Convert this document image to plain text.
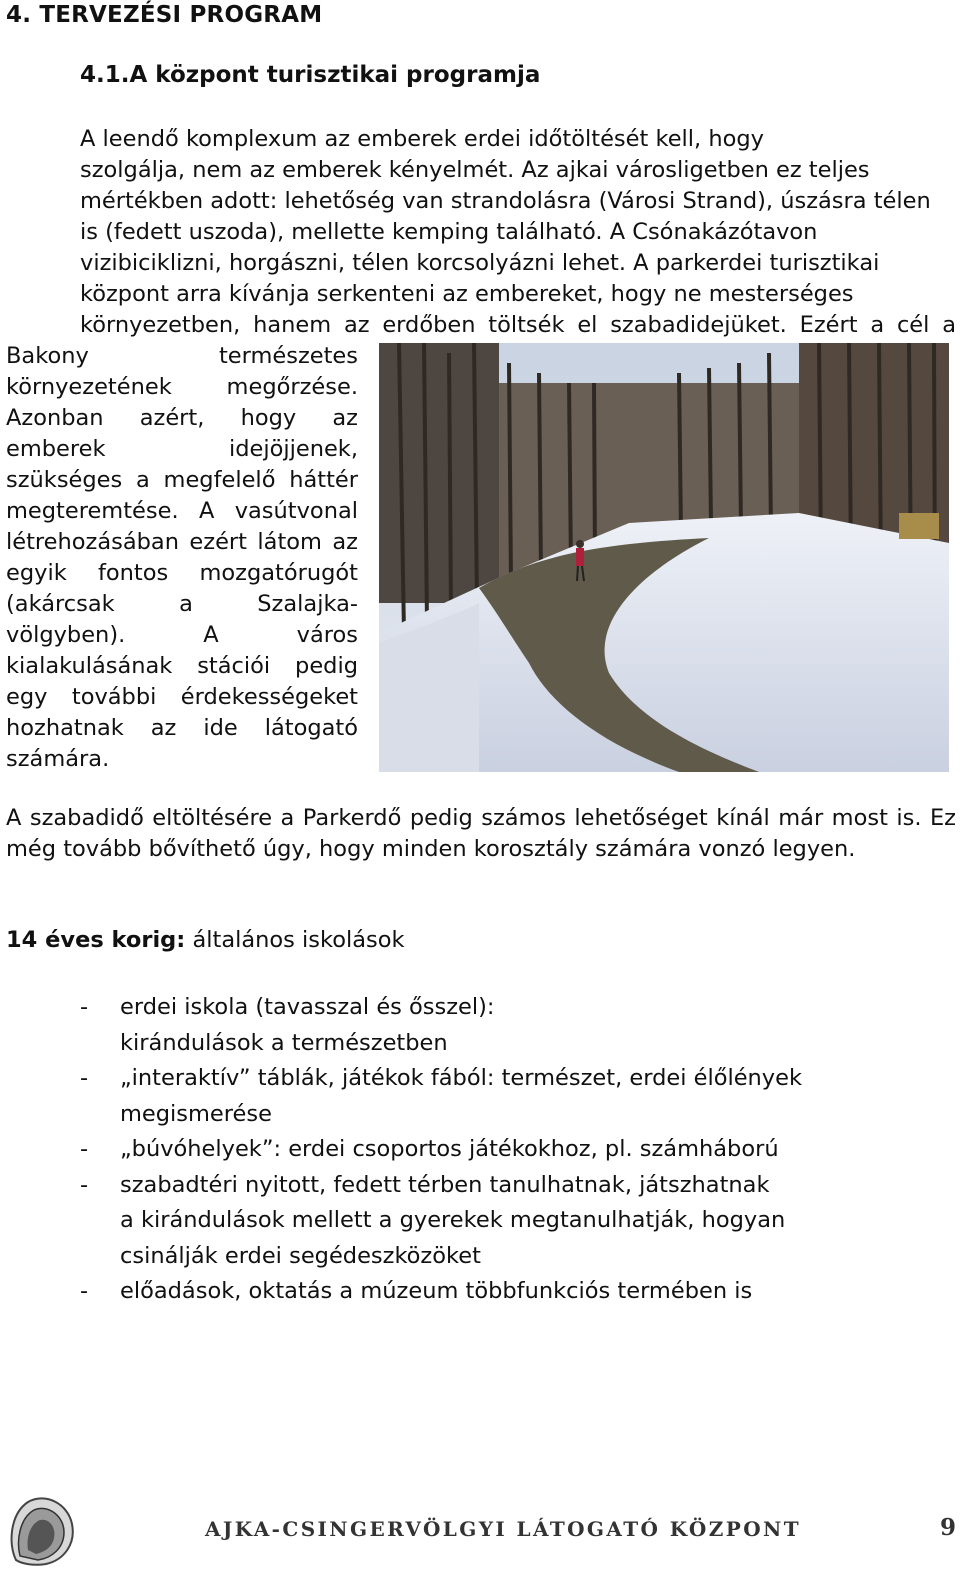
4. TERVEZÉSI PROGRAM
4.1.A központ turisztikai programja
A leendő komplexum az emberek erdei időtöltését kell, hogy
szolgálja, nem az emberek kényelmét. Az ajkai városligetben ez teljes
mértékben adott: lehetőség van strandolásra (Városi Strand), úszásra télen
is (fedett uszoda), mellette kemping található. A Csónakázótavon
vizibiciklizni, horgászni, télen korcsolyázni lehet. A parkerdei turisztikai
központ arra kívánja serkenteni az embereket, hogy ne mesterséges
környezetben, hanem az erdőben töltsék el szabadidejüket. Ezért a cél a
Bakony természetes környezetének megőrzése. Azonban azért, hogy az emberek idejöjjenek, szükséges a megfelelő háttér megteremtése. A vasútvonal létrehozásában ezért látom az egyik fontos mozgatórugót (akárcsak a Szalajka-völgyben). A város kialakulásának stációi pedig egy további érdekességeket hozhatnak az ide látogató számára.
A szabadidő eltöltésére a Parkerdő pedig számos lehetőséget kínál már most is. Ez még tovább bővíthető úgy, hogy minden korosztály számára vonzó legyen.
14 éves korig: általános iskolások
- erdei iskola (tavasszal és ősszel):
kirándulások a természetben
- „interaktív” táblák, játékok fából: természet, erdei élőlények
megismerése
- „búvóhelyek”: erdei csoportos játékokhoz, pl. számháború
- szabadtéri nyitott, fedett térben tanulhatnak, játszhatnak
a kirándulások mellett a gyerekek megtanulhatják, hogyan
csinálják erdei segédeszközöket
- előadások, oktatás a múzeum többfunkciós termében is
AJKA-CSINGERVÖLGYI LÁTOGATÓ KÖZPONT	9
